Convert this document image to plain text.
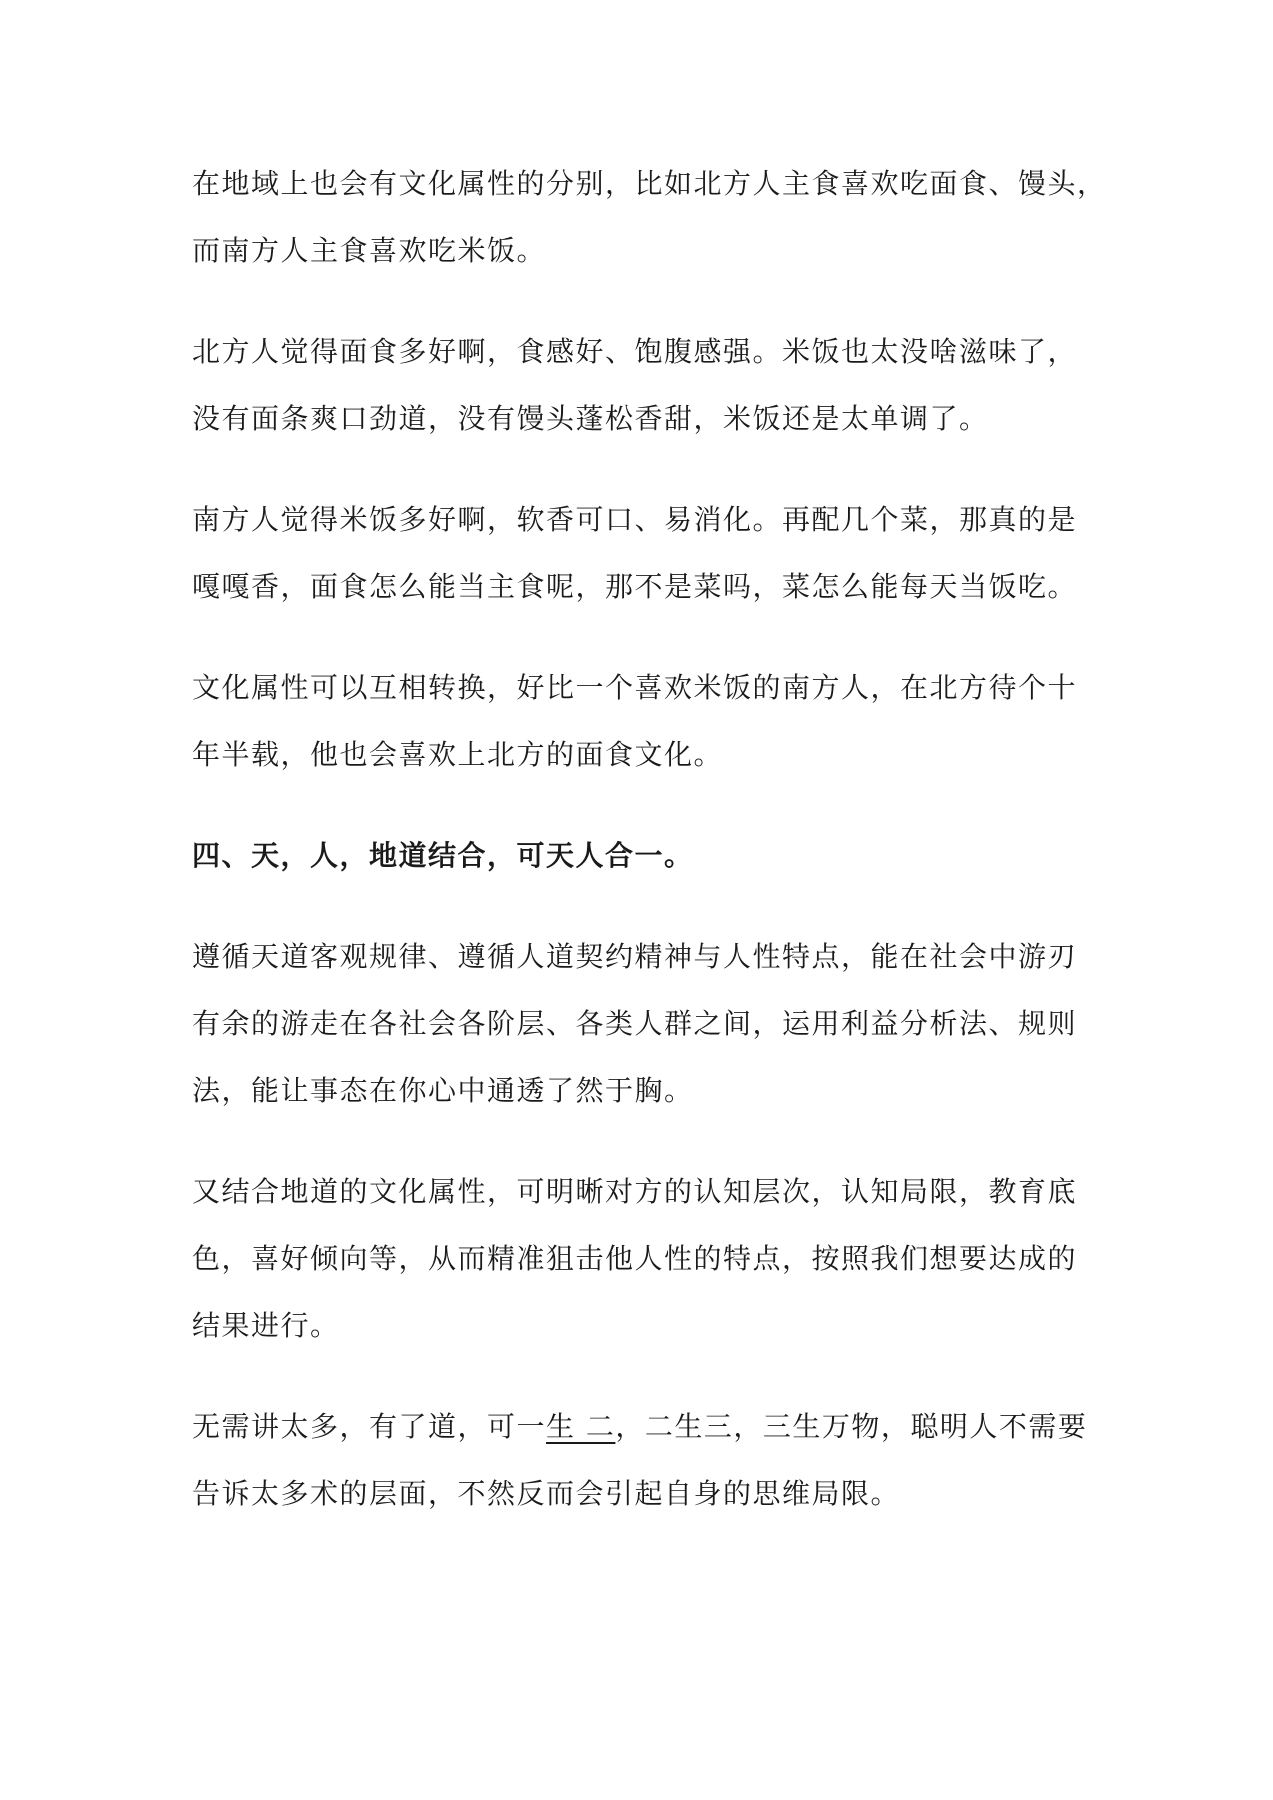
在地域上也会有文化属性的分别，比如北方人主食喜欢吃面食、馒头，
而南方人主食喜欢吃米饭。

北方人觉得面食多好啊，食感好、饱腹感强。米饭也太没啥滋味了，
没有面条爽口劲道，没有馒头蓬松香甜，米饭还是太单调了。

南方人觉得米饭多好啊，软香可口、易消化。再配几个菜，那真的是
嘎嘎香，面食怎么能当主食呢，那不是菜吗，菜怎么能每天当饭吃。

文化属性可以互相转换，好比一个喜欢米饭的南方人，在北方待个十
年半载，他也会喜欢上北方的面食文化。

四、天，人，地道结合，可天人合一。

遵循天道客观规律、遵循人道契约精神与人性特点，能在社会中游刃
有余的游走在各社会各阶层、各类人群之间，运用利益分析法、规则
法，能让事态在你心中通透了然于胸。

又结合地道的文化属性，可明晰对方的认知层次，认知局限，教育底
色，喜好倾向等，从而精准狙击他人性的特点，按照我们想要达成的
结果进行。

无需讲太多，有了道，可一生 二，二生三，三生万物，聪明人不需要
告诉太多术的层面，不然反而会引起自身的思维局限。
